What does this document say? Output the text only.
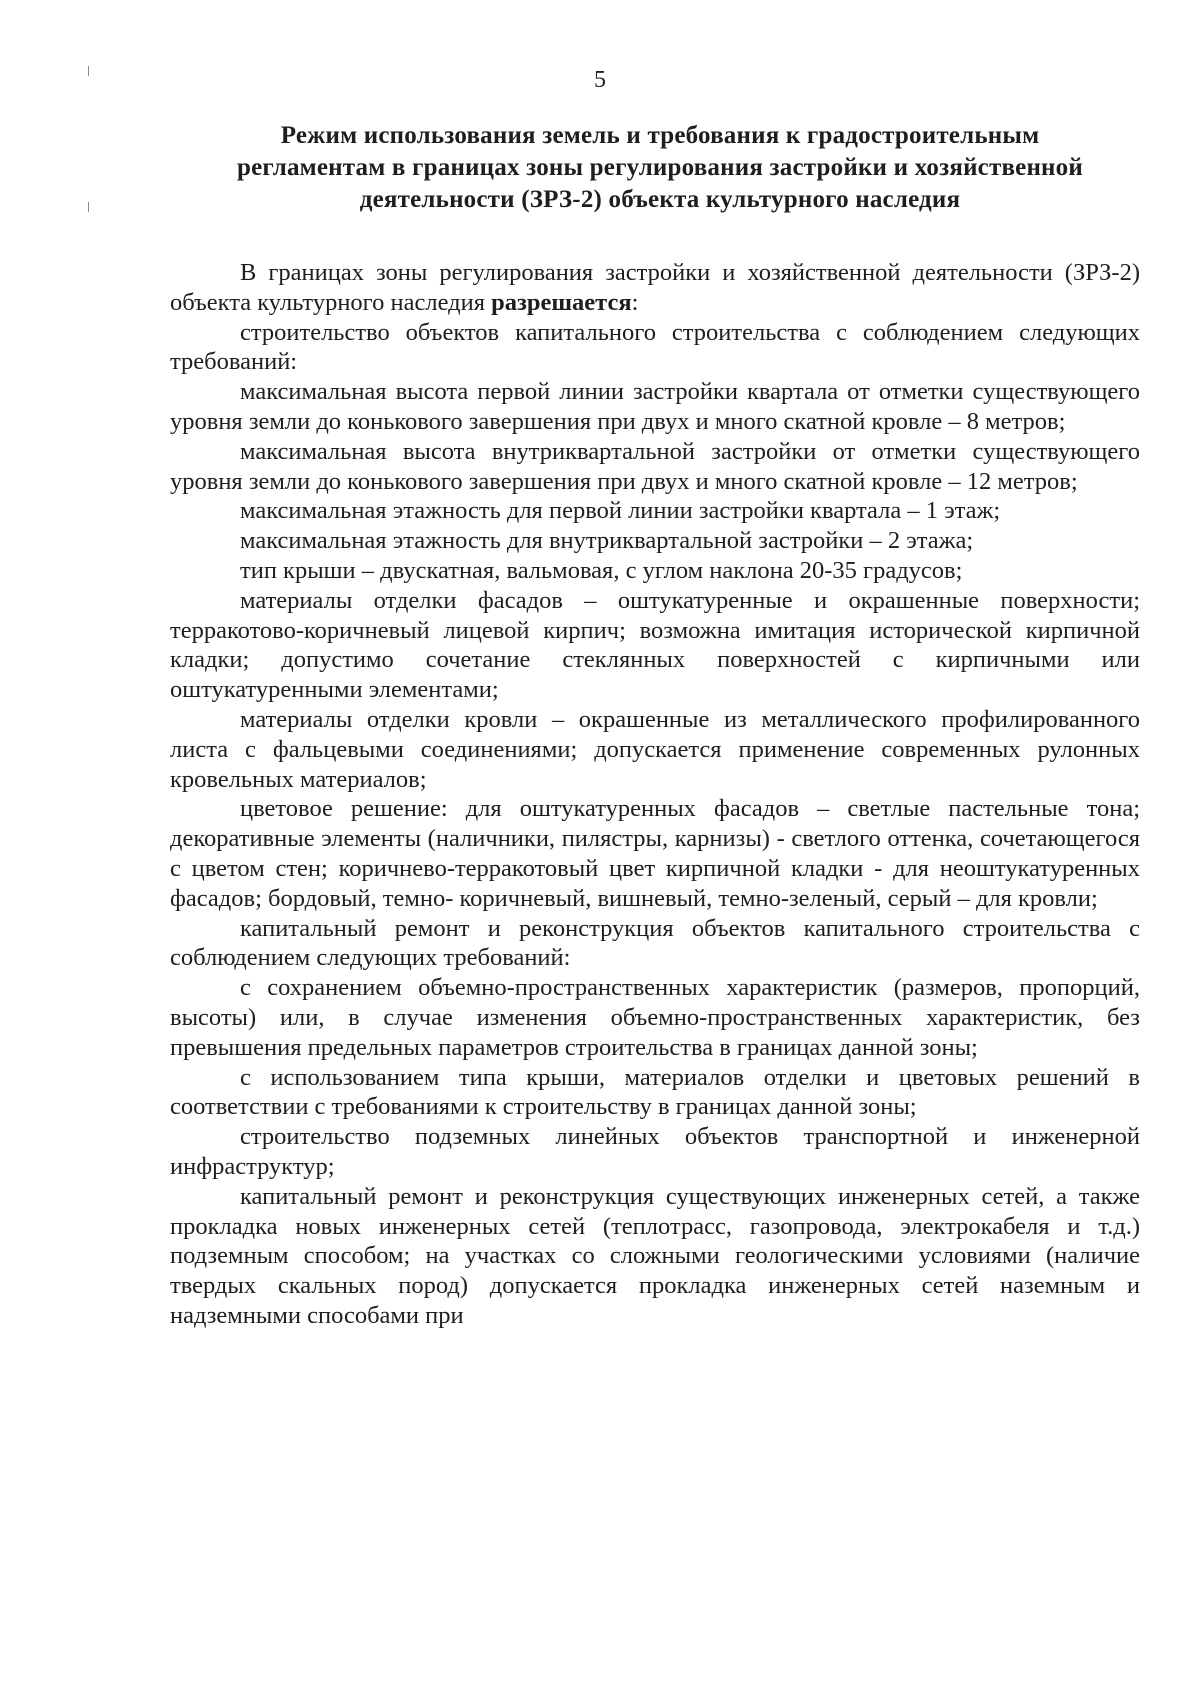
5
Режим использования земель и требования к градостроительным
регламентам в границах зоны регулирования застройки и хозяйственной
деятельности (ЗРЗ-2) объекта культурного наследия

В границах зоны регулирования застройки и хозяйственной деятельности (ЗРЗ-2) объекта культурного наследия разрешается:

строительство объектов капитального строительства с соблюдением следующих требований:

максимальная высота первой линии застройки квартала от отметки существующего уровня земли до конькового завершения при двух и много скатной кровле – 8 метров;

максимальная высота внутриквартальной застройки от отметки существующего уровня земли до конькового завершения при двух и много скатной кровле – 12 метров;

максимальная этажность для первой линии застройки квартала – 1 этаж;

максимальная этажность для внутриквартальной застройки – 2 этажа;

тип крыши – двускатная, вальмовая, с углом наклона 20-35 градусов;

материалы отделки фасадов – оштукатуренные и окрашенные поверхности; терракотово-коричневый лицевой кирпич; возможна имитация исторической кирпичной кладки; допустимо сочетание стеклянных поверхностей с кирпичными или оштукатуренными элементами;

материалы отделки кровли – окрашенные из металлического профилированного листа с фальцевыми соединениями; допускается применение современных рулонных кровельных материалов;

цветовое решение: для оштукатуренных фасадов – светлые пастельные тона; декоративные элементы (наличники, пилястры, карнизы) - светлого оттенка, сочетающегося с цветом стен; коричнево-терракотовый цвет кирпичной кладки - для неоштукатуренных фасадов; бордовый, темно- коричневый, вишневый, темно-зеленый, серый – для кровли;

капитальный ремонт и реконструкция объектов капитального строительства с соблюдением следующих требований:

с сохранением объемно-пространственных характеристик (размеров, пропорций, высоты) или, в случае изменения объемно-пространственных характеристик, без превышения предельных параметров строительства в границах данной зоны;

с использованием типа крыши, материалов отделки и цветовых решений в соответствии с требованиями к строительству в границах данной зоны;

строительство подземных линейных объектов транспортной и инженерной инфраструктур;

капитальный ремонт и реконструкция существующих инженерных сетей, а также прокладка новых инженерных сетей (теплотрасс, газопровода, электрокабеля и т.д.) подземным способом; на участках со сложными геологическими условиями (наличие твердых скальных пород) допускается прокладка инженерных сетей наземным и надземными способами при
